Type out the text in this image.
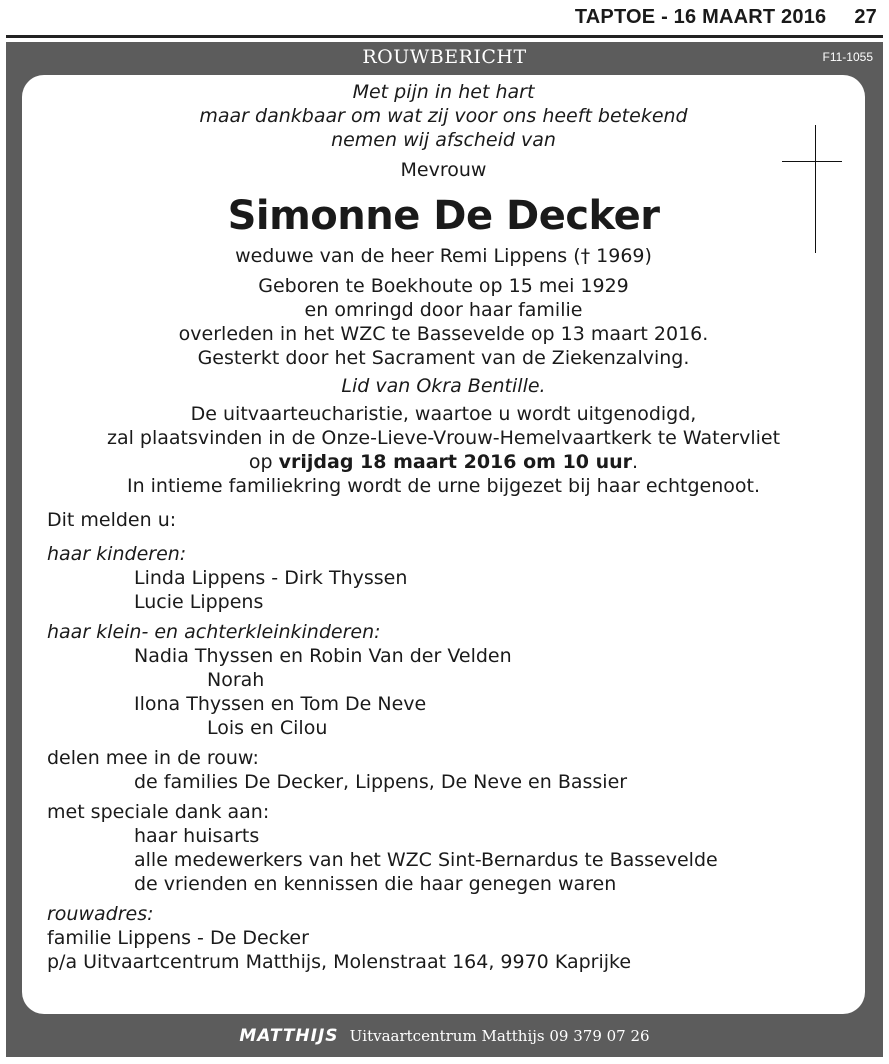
TAPTOE - 16 MAART 2016 27
ROUWBERICHT	F11-1055
Met pijn in het hart
maar dankbaar om wat zij voor ons heeft betekend
nemen wij afscheid van
Mevrouw
Simonne De Decker
weduwe van de heer Remi Lippens († 1969)
Geboren te Boekhoute op 15 mei 1929
en omringd door haar familie
overleden in het WZC te Bassevelde op 13 maart 2016.
Gesterkt door het Sacrament van de Ziekenzalving.
Lid van Okra Bentille.
De uitvaarteucharistie, waartoe u wordt uitgenodigd,
zal plaatsvinden in de Onze-Lieve-Vrouw-Hemelvaartkerk te Watervliet
op vrijdag 18 maart 2016 om 10 uur.
In intieme familiekring wordt de urne bijgezet bij haar echtgenoot.
Dit melden u:
haar kinderen:
Linda Lippens - Dirk Thyssen
Lucie Lippens
haar klein- en achterkleinkinderen:
Nadia Thyssen en Robin Van der Velden
Norah
Ilona Thyssen en Tom De Neve
Lois en Cilou
delen mee in de rouw:
de families De Decker, Lippens, De Neve en Bassier
met speciale dank aan:
haar huisarts
alle medewerkers van het WZC Sint-Bernardus te Bassevelde
de vrienden en kennissen die haar genegen waren
rouwadres:
familie Lippens - De Decker
p/a Uitvaartcentrum Matthijs, Molenstraat 164, 9970 Kaprijke
MATTHIJS Uitvaartcentrum Matthijs 09 379 07 26
